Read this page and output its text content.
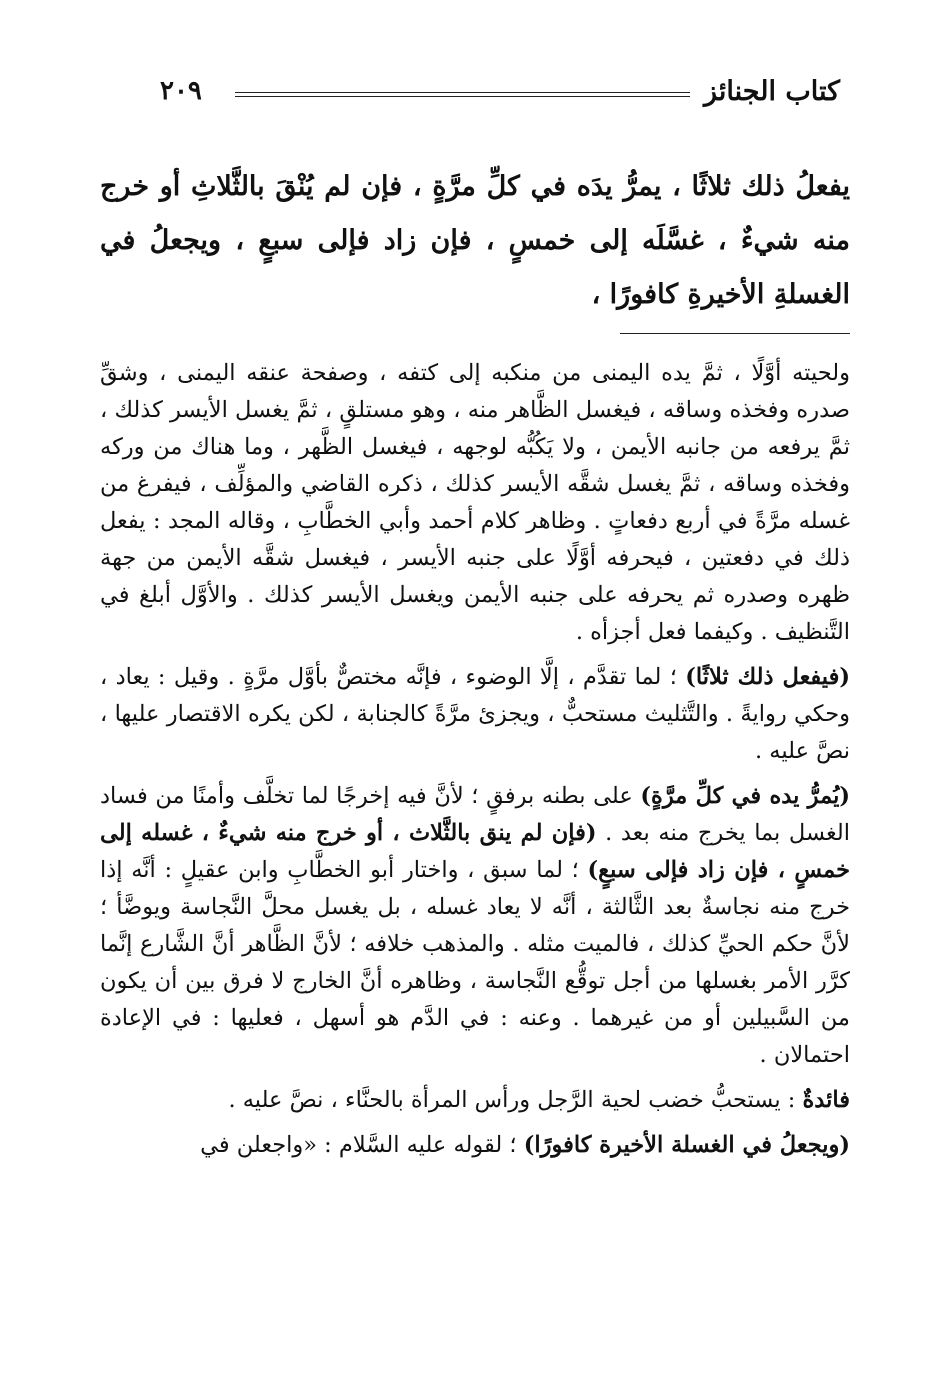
كتاب الجنائز
٢٠٩
يفعلُ ذلك ثلاثًا ، يمرُّ يدَه في كلِّ مرَّةٍ ، فإن لم يُنْقَ بالثَّلاثِ أو خرج منه شيءٌ ، غسَّلَه إلى خمسٍ ، فإن زاد فإلى سبعٍ ، ويجعلُ في الغسلةِ الأخيرةِ كافورًا ،

ولحيته أوَّلًا ، ثمَّ يده اليمنى من منكبه إلى كتفه ، وصفحة عنقه اليمنى ، وشقِّ صدره وفخذه وساقه ، فيغسل الظَّاهر منه ، وهو مستلقٍ ، ثمَّ يغسل الأيسر كذلك ، ثمَّ يرفعه من جانبه الأيمن ، ولا يَكُبُّه لوجهه ، فيغسل الظَّهر ، وما هناك من وركه وفخذه وساقه ، ثمَّ يغسل شقَّه الأيسر كذلك ، ذكره القاضي والمؤلِّف ، فيفرغ من غسله مرَّةً في أربع دفعاتٍ . وظاهر كلام أحمد وأبي الخطَّابِ ، وقاله المجد : يفعل ذلك في دفعتين ، فيحرفه أوَّلًا على جنبه الأيسر ، فيغسل شقَّه الأيمن من جهة ظهره وصدره ثم يحرفه على جنبه الأيمن ويغسل الأيسر كذلك . والأوَّل أبلغ في التَّنظيف . وكيفما فعل أجزأه .

(فيفعل ذلك ثلاثًا) ؛ لما تقدَّم ، إلَّا الوضوء ، فإنَّه مختصٌّ بأوَّل مرَّةٍ . وقيل : يعاد ، وحكي روايةً . والتَّثليث مستحبٌّ ، ويجزئ مرَّةً كالجنابة ، لكن يكره الاقتصار عليها ، نصَّ عليه .

(يُمرُّ يده في كلِّ مرَّةٍ) على بطنه برفقٍ ؛ لأنَّ فيه إخرجًا لما تخلَّف وأمنًا من فساد الغسل بما يخرج منه بعد . (فإن لم ينق بالثَّلاث ، أو خرج منه شيءٌ ، غسله إلى خمسٍ ، فإن زاد فإلى سبعٍ) ؛ لما سبق ، واختار أبو الخطَّابِ وابن عقيلٍ : أنَّه إذا خرج منه نجاسةٌ بعد الثَّالثة ، أنَّه لا يعاد غسله ، بل يغسل محلَّ النَّجاسة ويوضَّأ ؛ لأنَّ حكم الحيِّ كذلك ، فالميت مثله . والمذهب خلافه ؛ لأنَّ الظَّاهر أنَّ الشَّارع إنَّما كرَّر الأمر بغسلها من أجل توقُّع النَّجاسة ، وظاهره أنَّ الخارج لا فرق بين أن يكون من السَّبيلين أو من غيرهما . وعنه : في الدَّم هو أسهل ، فعليها : في الإعادة احتمالان .

فائدةٌ : يستحبُّ خضب لحية الرَّجل ورأس المرأة بالحنَّاء ، نصَّ عليه .

(ويجعلُ في الغسلة الأخيرة كافورًا) ؛ لقوله عليه السَّلام : «واجعلن في
